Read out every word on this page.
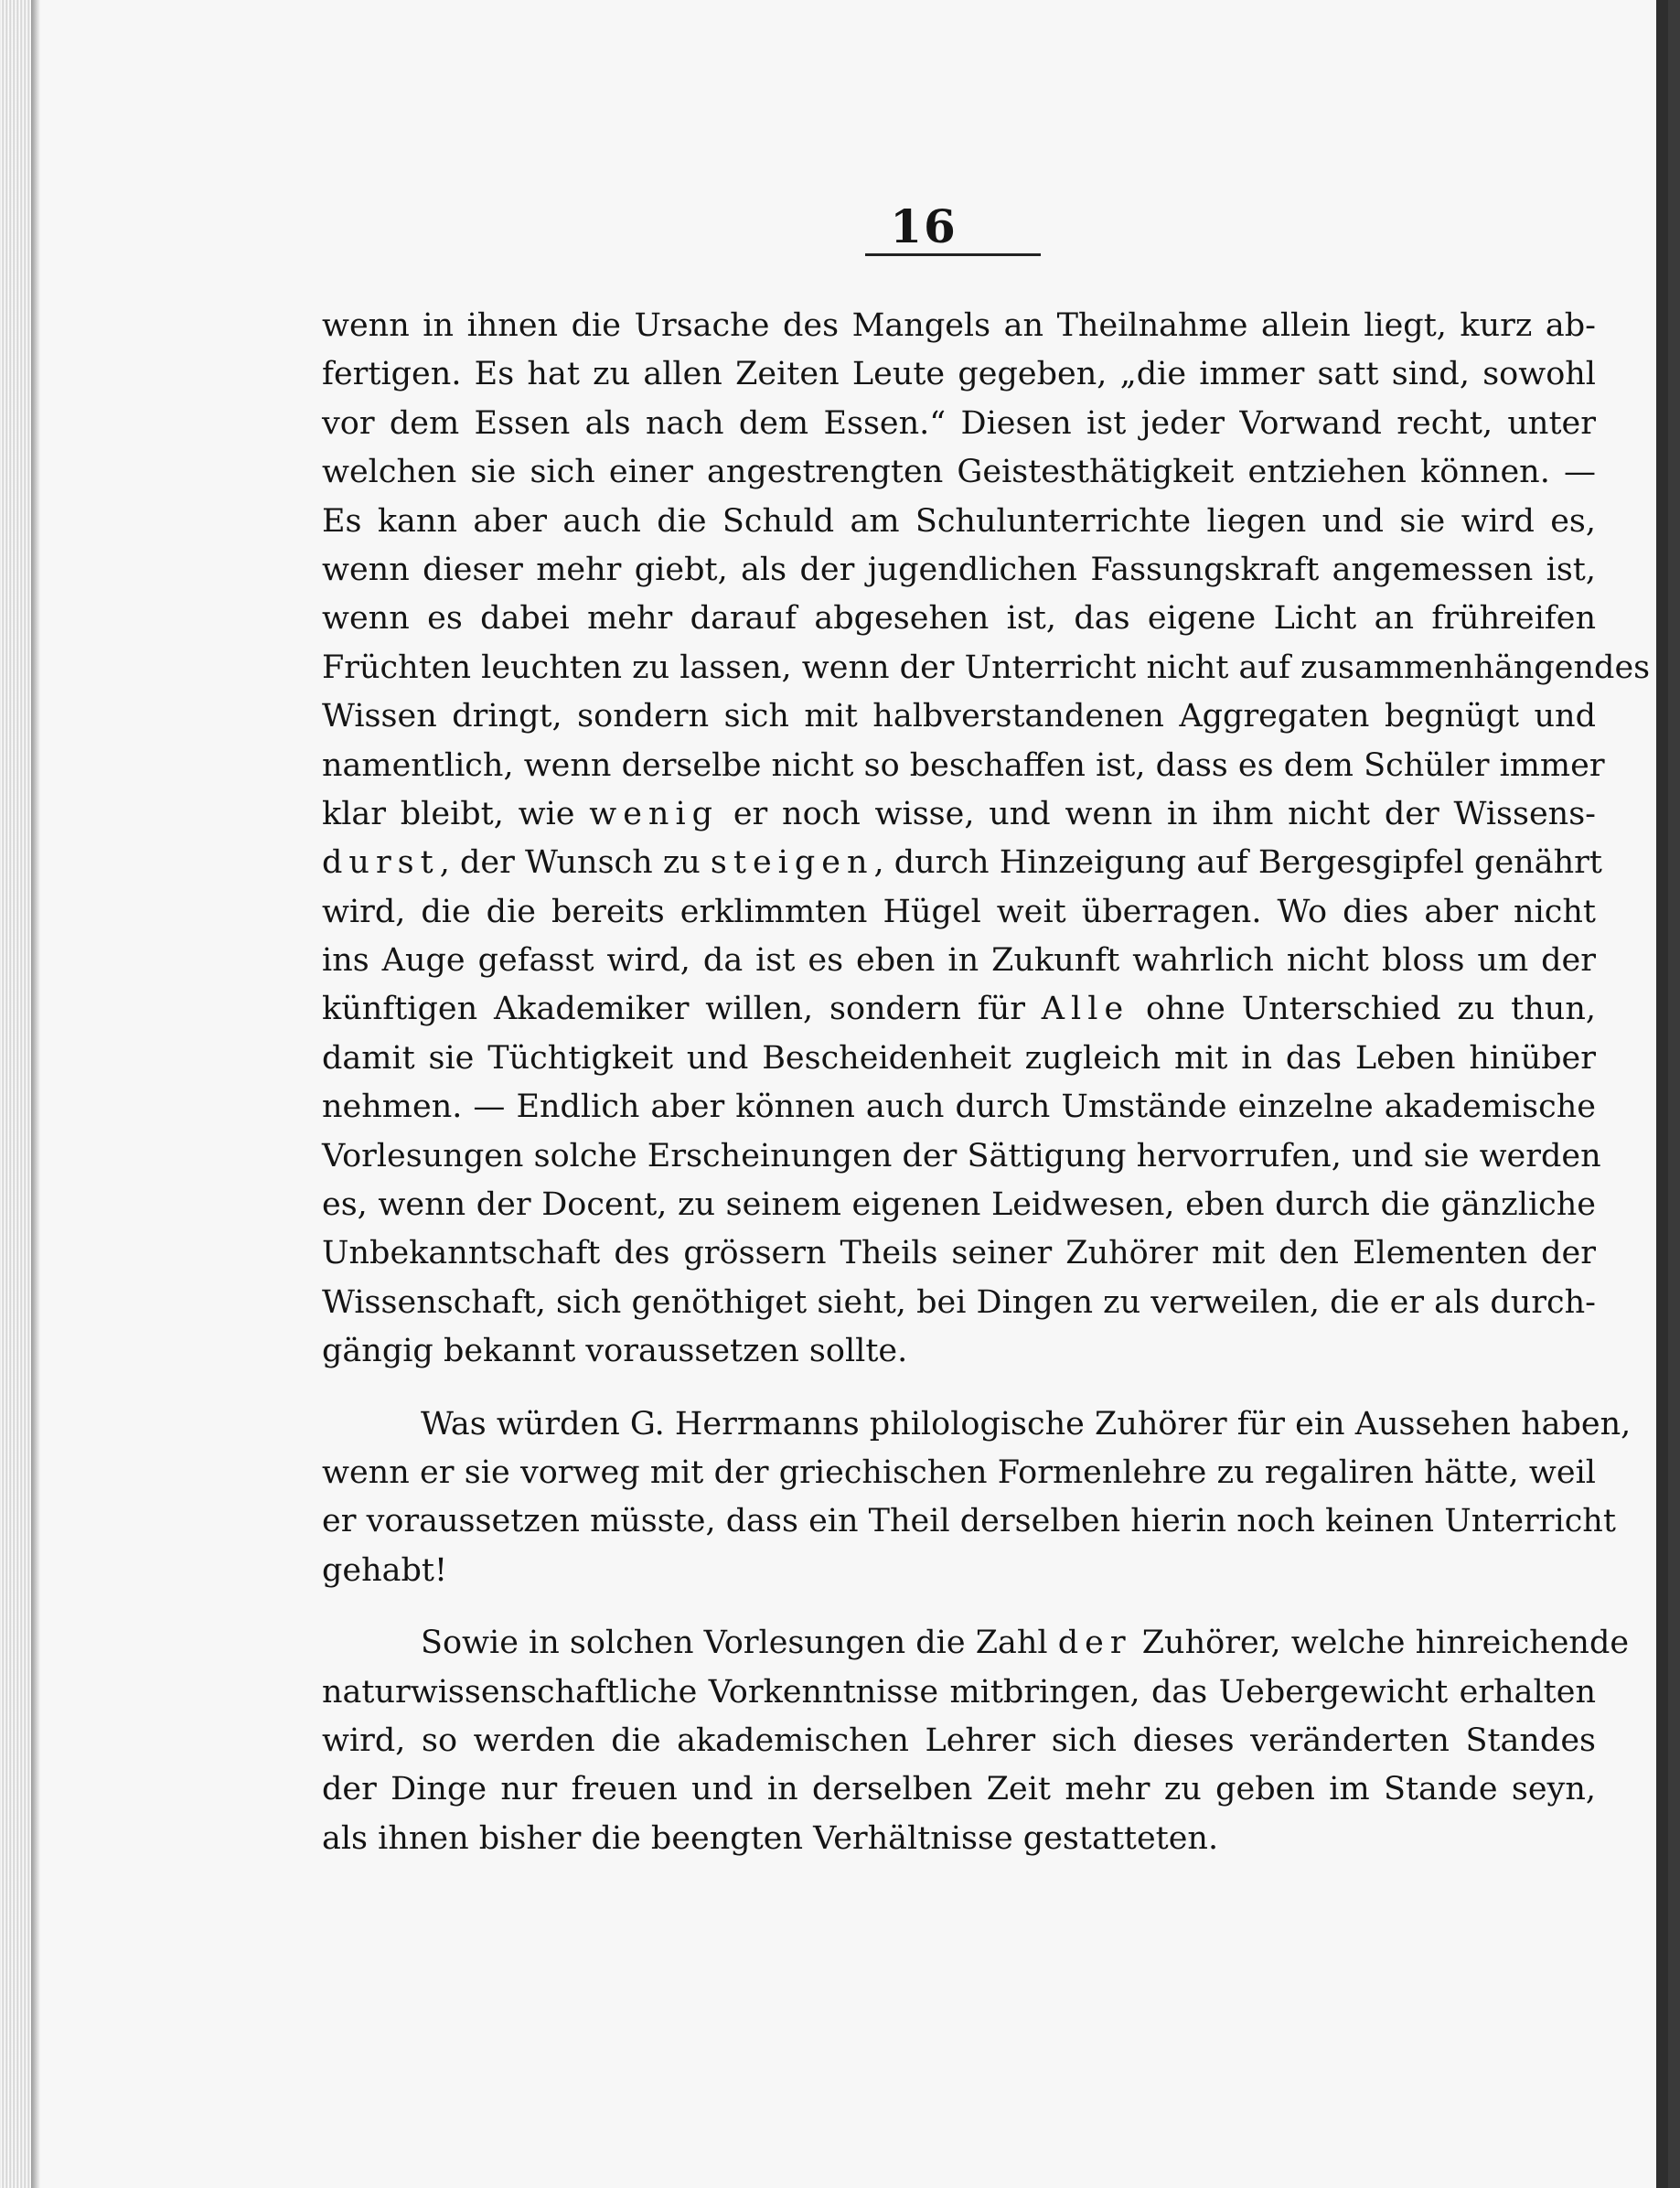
16
wenn in ihnen die Ursache des Mangels an Theilnahme allein liegt, kurz ab-
fertigen. Es hat zu allen Zeiten Leute gegeben, „die immer satt sind, sowohl
vor dem Essen als nach dem Essen.“ Diesen ist jeder Vorwand recht, unter
welchen sie sich einer angestrengten Geistesthätigkeit entziehen können. —
Es kann aber auch die Schuld am Schulunterrichte liegen und sie wird es,
wenn dieser mehr giebt, als der jugendlichen Fassungskraft angemessen ist,
wenn es dabei mehr darauf abgesehen ist, das eigene Licht an frühreifen
Früchten leuchten zu lassen, wenn der Unterricht nicht auf zusammenhängendes
Wissen dringt, sondern sich mit halbverstandenen Aggregaten begnügt und
namentlich, wenn derselbe nicht so beschaffen ist, dass es dem Schüler immer
klar bleibt, wie wenig er noch wisse, und wenn in ihm nicht der Wissens-
durst, der Wunsch zu steigen, durch Hinzeigung auf Bergesgipfel genährt
wird, die die bereits erklimmten Hügel weit überragen. Wo dies aber nicht
ins Auge gefasst wird, da ist es eben in Zukunft wahrlich nicht bloss um der
künftigen Akademiker willen, sondern für Alle ohne Unterschied zu thun,
damit sie Tüchtigkeit und Bescheidenheit zugleich mit in das Leben hinüber
nehmen. — Endlich aber können auch durch Umstände einzelne akademische
Vorlesungen solche Erscheinungen der Sättigung hervorrufen, und sie werden
es, wenn der Docent, zu seinem eigenen Leidwesen, eben durch die gänzliche
Unbekanntschaft des grössern Theils seiner Zuhörer mit den Elementen der
Wissenschaft, sich genöthiget sieht, bei Dingen zu verweilen, die er als durch-
gängig bekannt voraussetzen sollte.
Was würden G. Herrmanns philologische Zuhörer für ein Aussehen haben,
wenn er sie vorweg mit der griechischen Formenlehre zu regaliren hätte, weil
er voraussetzen müsste, dass ein Theil derselben hierin noch keinen Unterricht
gehabt!
Sowie in solchen Vorlesungen die Zahl der Zuhörer, welche hinreichende
naturwissenschaftliche Vorkenntnisse mitbringen, das Uebergewicht erhalten
wird, so werden die akademischen Lehrer sich dieses veränderten Standes
der Dinge nur freuen und in derselben Zeit mehr zu geben im Stande seyn,
als ihnen bisher die beengten Verhältnisse gestatteten.
